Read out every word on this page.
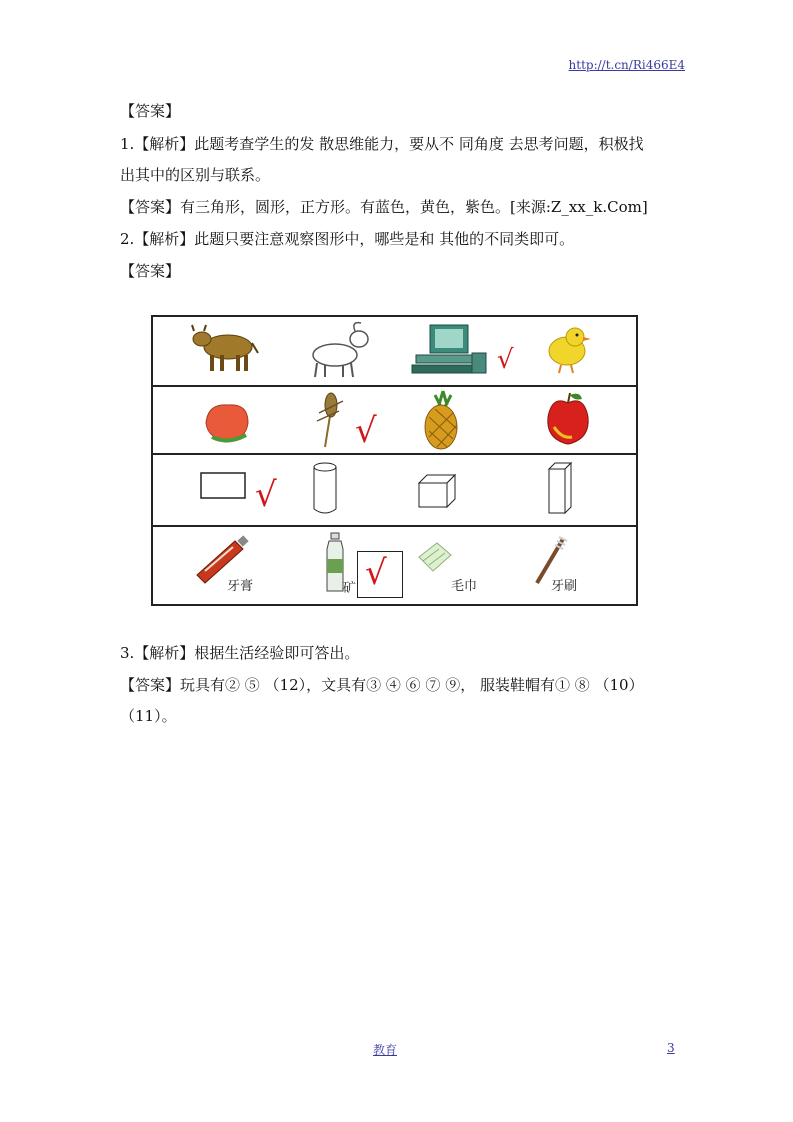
http://t.cn/Ri466E4
【答案】
1.【解析】此题考查学生的发 散思维能力，要从不 同角度 去思考问题，积极找
出其中的区别与联系。
【答案】有三角形，圆形，正方形。有蓝色，黄色，紫色。[来源:Z_xx_k.Com]
2.【解析】此题只要注意观察图形中，哪些是和 其他的不同类即可。
【答案】
√
√
√
牙膏	矿 √	毛巾	牙刷
3.【解析】根据生活经验即可答出。
【答案】玩具有② ⑤ （12），文具有③ ④ ⑥ ⑦ ⑨， 服装鞋帽有① ⑧ （10）
（11）。
教育	3
